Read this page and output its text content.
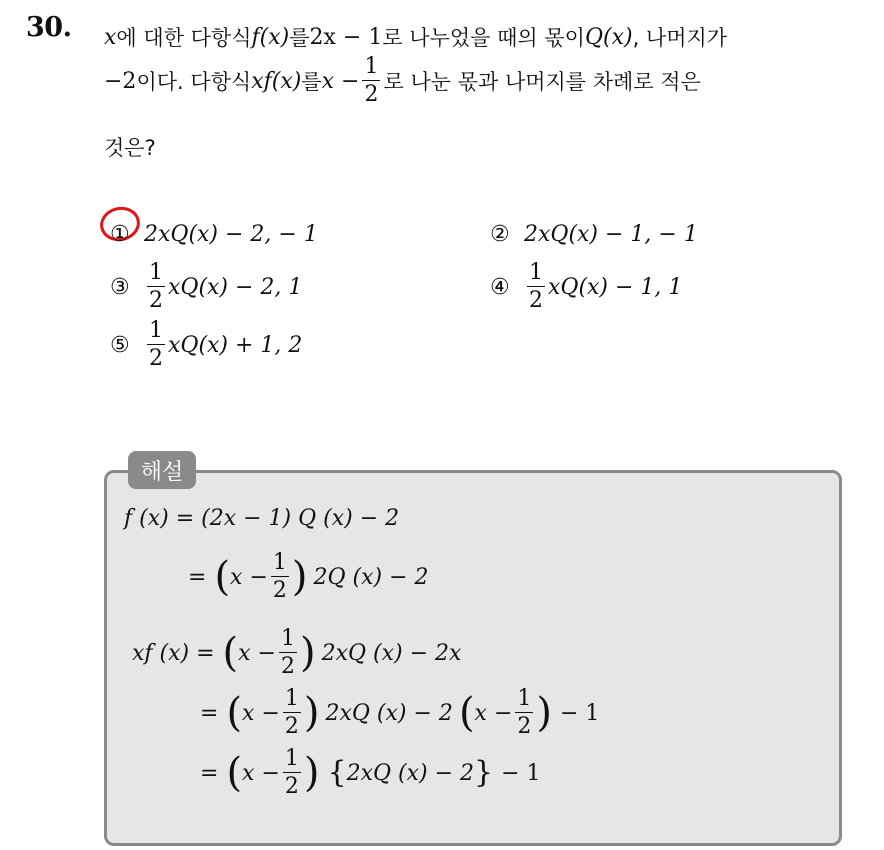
30. x 에 대한 다항식 f(x) 를 2x − 1 로 나누었을 때의 몫이 Q(x) , 나머지가
−2 이다. 다항식 xf(x) 를 $x - \frac{1}{2}$ 로 나눈 몫과 나머지를 차례로 적은
것은?
① 2xQ(x) − 2, − 1	② 2xQ(x) − 1, − 1
③ $\frac{1}{2} xQ(x) - 2$, 1	④ $\frac{1}{2} xQ(x) - 1$, 1
⑤ $\frac{1}{2} xQ(x) + 1$, 2
해설
f (x) = (2x − 1) Q (x) − 2
= ( $x - \frac{1}{2}$ ) 2Q (x) − 2
xf (x) = ( $x - \frac{1}{2}$ ) 2xQ (x) − 2x
= ( $x - \frac{1}{2}$ ) 2xQ (x) − 2 ( $x - \frac{1}{2}$ ) − 1
= ( $x - \frac{1}{2}$ ) { 2xQ (x) − 2 } − 1
